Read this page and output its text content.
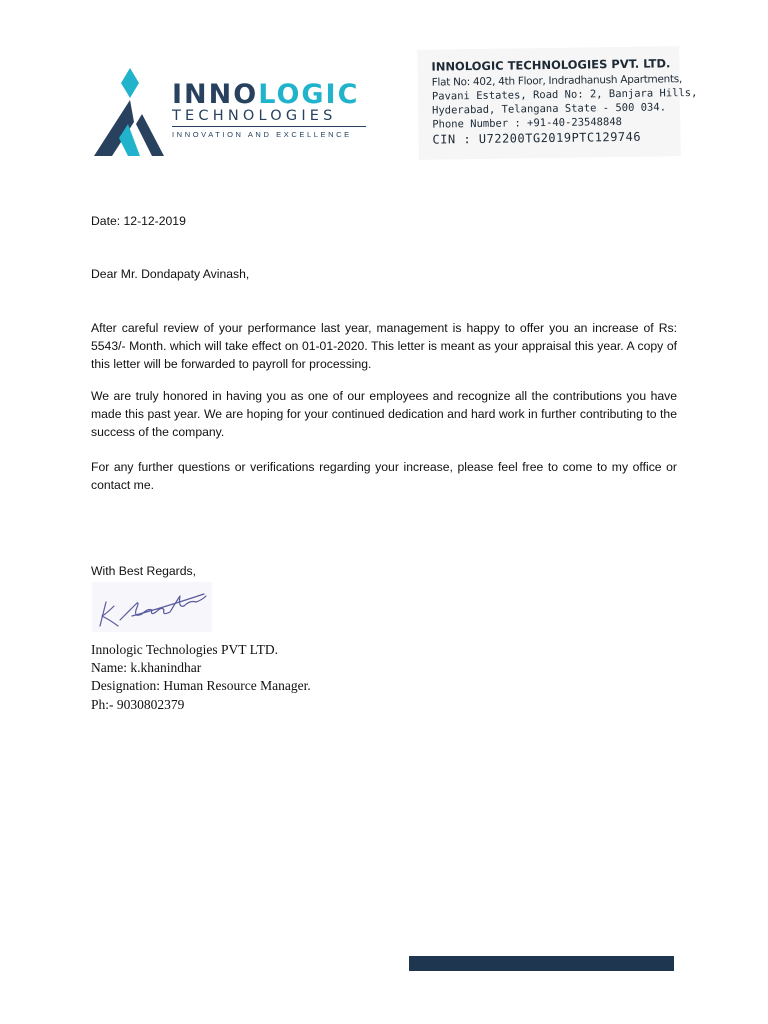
INNOLOGIC
TECHNOLOGIES
INNOVATION AND EXCELLENCE
INNOLOGIC TECHNOLOGIES PVT. LTD.
Flat No: 402, 4th Floor, Indradhanush Apartments,
Pavani Estates, Road No: 2, Banjara Hills,
Hyderabad, Telangana State - 500 034.
Phone Number : +91-40-23548848
CIN : U72200TG2019PTC129746

Date: 12-12-2019

Dear Mr. Dondapaty Avinash,

After careful review of your performance last year, management is happy to offer you an increase of Rs: 5543/- Month. which will take effect on 01-01-2020. This letter is meant as your appraisal this year. A copy of this letter will be forwarded to payroll for processing.

We are truly honored in having you as one of our employees and recognize all the contributions you have made this past year. We are hoping for your continued dedication and hard work in further contributing to the success of the company.

For any further questions or verifications regarding your increase, please feel free to come to my office or contact me.

With Best Regards,

Innologic Technologies PVT LTD.
Name: k.khanindhar
Designation: Human Resource Manager.
Ph:- 9030802379
